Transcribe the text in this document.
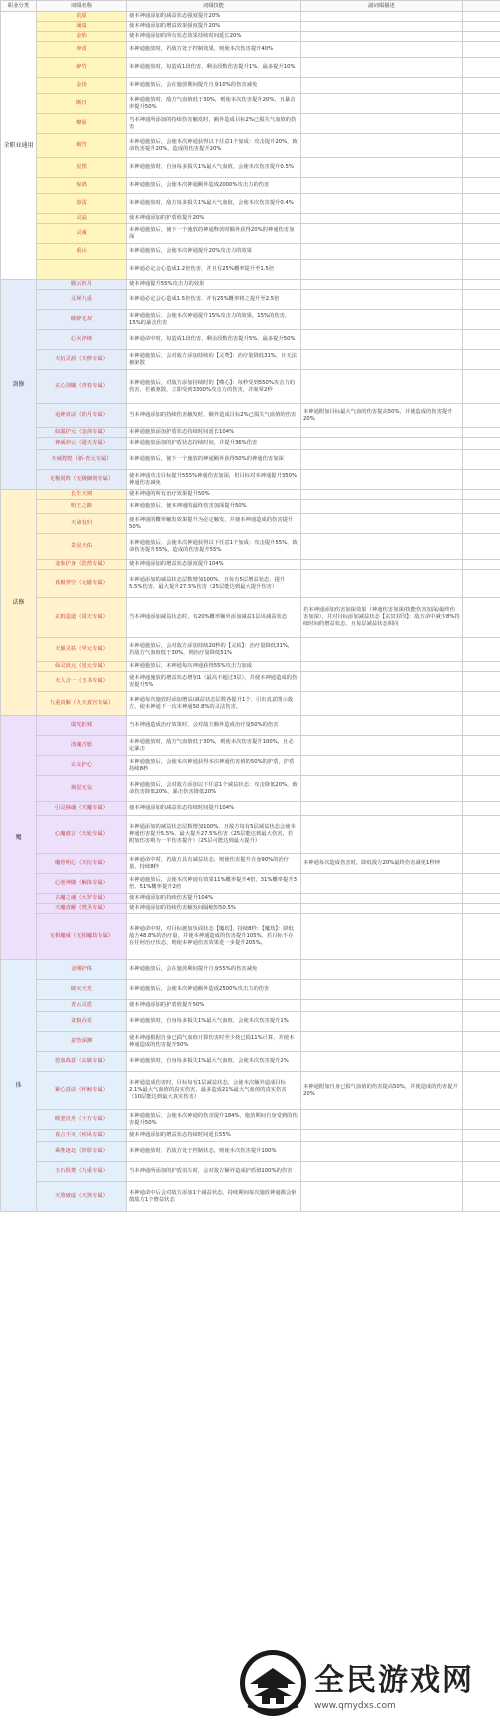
职业分类	词缀名称	词缀技能	副词缀描述	
全职业通用	荒原	使本神通添加的减益状态强度提升20%		
	涌泉	使本神通添加的增益效果强度提升20%		
	金焰	使本神通添加的所有状态效果持续时间延长20%		
	奔雷	本神通施放时，若敌方处于控制效果，则使本次伤害提升40%		
	碎竹	本神通施放时，每造成1段伤害，剩余段数伤害提升1%，最多提升10%		
	金汤	本神通施放后，会在施放期间提升自身10%的伤害减免		
	断日	本神通施放时，敌方气血值低于30%，则使本次伤害提升20%，且暴击率提升50%		
	燎原	当本神通所添加的持续伤害触发时，额外造成目标2%已损失气血值的伤害		
	破竹	本神通施放后，会使本次神通获得以下任意1个加成：攻击提升20%，致命伤害提升20%，造成的伤害提升20%		
	星图	本神通施放时，自身每多损失1%最大气血值，会使本次伤害提升0.5%		
	惊鸿	本神通施放后，会使本次神通额外造成2000%攻击力的伤害		
	春雷	本神通施放时，敌方每多损失1%最大气血值，会使本次伤害提升0.4%		
	灵晶	使本神通添加的护盾值提升20%		
	灵威	本神通施放后，使下一个施放的神通释放时额外获得20%的神通伤害加深		
	重山	本神通施放后，会使本次神通提升20%攻击力的效果		
		本神通必定会心造成1.2倍伤害，并且有25%概率提升至1.5倍		
剑修	腾云折月	使本神通提升55%攻击力的效果		
	灵犀九重	本神通必定会心造成1.5倍伤害，并有25%概率将之提升至2.5倍		
	破碎无双	本神通施放后，会使本次神通提升15%攻击力的效果，15%的伤害，15%的暴击伤害		
	心火淬锋	本神通命中时，每造成1段伤害，剩余段数伤害提升5%，最多提升50%		
	天衍灵洞（天修专属）	本神通施放后，会对敌方添加持续的【灵鸢】：治疗量降低31%，且无法被驱散		
	玄心剑魄（青春专属）	本神通施放后，对敌方添加持续时的【噬心】：每秒受到550%攻击力的伤害，若被驱散，立即受到3300%攻击力的伤害，并眩晕2秒		
	追神真诀（幼月专属）	当本神通添加的持续伤害触发时，额外造成目标2%已损失气血值的伤害	本神通附加目标最大气血的伤害提高50%，并使造成的伤害提升20%	
	仙露护元（念剑专属）	本神通施放添加护盾状态持续时间延长104%		
	神威冲云（通天专属）	本神通施放添加的护盾状态持续时间，并提升36%伤害		
	天威煌煌（新-青元专属）	本神通施放后，使下一个施放的神通额外获得50%的神通伤害加深		
	无极剑阵（无极御剑专属）	使本神通攻击目标提升555%神通伤害加深，但目标对本神通提升350%神通伤害减免		
法修	长生天则	使本神通的所有治疗效果提升50%		
	明王之路	本神通施放后，使本神通的最终伤害加深提升50%		
	天命有归	使本神通的概率触发效果提升为必定触发，并使本神通造成的伤害提升50%		
	景星天佑	本神通施放后，会使本次神通获得以下任意1个加成：攻击提升55%，致命伤害提升55%，造成的伤害提升55%		
	龙象护身（浩然专属）	使本神通添加的增益状态强度提升104%		
	真极穿空（元磁专属）	本神通添加的减益状态层数增加100%，且每有5层增益状态，提升5.5%伤害，最大提升27.5%伤害（25层能达到最大提升伤害）		
	玄机造道（周天专属）	当本神通添加减益状态时，有20%概率额外添加减益1层该减益状态	若本神通添加伤害加深效果（神通伤害加深/技能伤害加深/最终伤害加深），并对目标添加减益状态【玄冥封印】：敌方命中减少8%持续时间的增益状态，且每层减益状态相同	
	天倾灵枯（甲元专属）	本神通施放后，会对敌方添加持续20秒的【灵枯】：治疗量降低31%，若敌方气血值低于30%，则治疗量降低51%		
	仙灵汲元（星元专属）	本神通施放后，本神通每次神通获得55%攻击力加成		
	天人合一（玉书专属）	使本神通施放的增益状态增加1（最高不超过3层），并使本神通造成的伤害提升5%		
	九重真解（九天真宫专属）	本神通每次施放时添加增益/减益状态层数各提升1个，引出真意图示敌方，使本神通下一次本神通50.8%的灵法伤害。		
魔	瑞光拒邪	当本神通造成治疗效果时，会对敌方额外造成治疗量50%的伤害		
	清魂吉愿	本神通施放时，敌方气血值低于30%，则使本次伤害提升100%，且必定暴击		
	玄女护心	本神通施放后，会使本次神通获得本次神通伤害值的50%的护盾，护盾持续8秒		
	祸星无妄	本神通施放后，会对敌方添加以下任意1个减益状态：攻击降低20%，致命伤害降低20%，暴击伤害降低20%		
	引灵摘魂（天魔专属）	使本神通添加的减益状态持续时间提升104%		
	心魔惑言（天轮专属）	本神通添加的减益状态层数增加100%，且敌方每有5层减益状态会使本神通伤害提升5.5%，最大提升27.5%伤害（25层能达到最大伤害，若附加伤害则为一半伤害提升）（25层可能达到最大提升）		
	魔骨明心（天衍专属）	本神通命中时，若敌方具有减益状态，则使伤害提升自身90%的治疗量，持续8秒	本神通每次造成伤害时，降低敌方20%最终伤害减免1秒钟	
	心逆神随（解体专属）	本神通施放后，会使本次神通有效果11%概率提升4倍、31%概率提升3倍、51%概率提升2倍		
	古魔之魂（大罗专属）	使本神通添加的持续伤害提升104%		
	天魔真解（梵圣专属）	使本神通添加的持续伤害触发间隔缩短50.5%		
	无相魔威（无相魔劫专属）	本神通命中时，对目标施加负面状态【魔劫】，持续8秒：【魔劫】：降低敌方48.8%的治疗量，并使本神通造成的伤害提升105%，若目标不存在任何治疗状态，则使本神通伤害效果进一步提升205%。		
体	金刚护体	本神通施放后，会在施放期间提升自身55%的伤害减免		
	破灭天光	本神通施放后，会使本次神通额外造成2500%攻击力的伤害		
	青云灵盾	使本神通添加的护盾值提升50%		
	贪狼吞星	本神通施放时，自身每多损失1%最大气血值，会使本次伤害提升1%		
	意坠深渊	使本神通根据自身已损气血值计算伤害时至少按已损11%计算，并使本神通造成的伤害提升50%		
	怒血战意（玄敏专属）	本神通施放时，自身每多损失1%最大气血值，会使本次伤害提升2%		
	紫心真诀（怀鲸专属）	本神通造成伤害时，目标每有1层减益状态，会使本次额外造成目标2.1%最大气血值的真实伤害，最多造成21%最大气血值的真实伤害（10层能达到最大真实伤害）	本神通附加自身已损气血值的伤害提高50%，并使造成的伤害提升20%	
	破釜沉舟（十方专属）	本神通施放后，会使本次神通的伤害提升184%，施放期间自身受到的伤害提升50%		
	真言不灭（疾风专属）	使本神通添加的增益状态持续时间延长55%		
	乘胜逐北（妙影专属）	本神通施放时，若敌方处于控制状态，则使本次伤害提升100%		
	玉石俱焚（九重专属）	当本神通所添加的护盾消失时，会对敌方额外造成护盾值100%的伤害		
	天煞破虚（天煞专属）	本神通命中后会对敌方添加1个减益状态，持续期间每次施放神通都会驱散敌方1个增益状态		
全民游戏网
www.qmydxs.com
